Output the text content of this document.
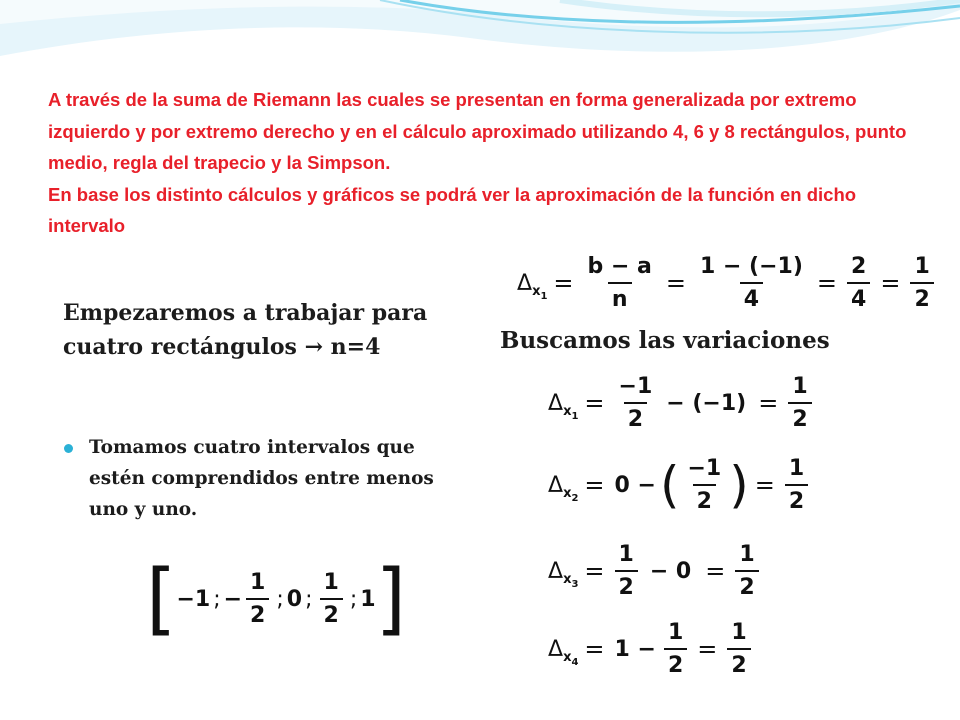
A través de la suma de Riemann las cuales se presentan en forma generalizada por extremo izquierdo y por extremo derecho y en el cálculo aproximado utilizando 4, 6 y 8 rectángulos, punto medio, regla del trapecio y la Simpson.

En base los distinto cálculos y gráficos se podrá ver la aproximación de la función en dicho intervalo

Empezaremos a trabajar para cuatro rectángulos → n=4
Tomamos cuatro intervalos que estén comprendidos entre menos uno y uno.
Buscamos las variaciones
Δ $x_1 = \frac{b - a}{n} = \frac{1 - (-1)}{4} = \frac{2}{4} = \frac{1}{2}$
[ −1 ; − $\frac{1}{2}$ ; 0 ; $\frac{1}{2}$ ; 1 ]
Δ $x_1 = \frac{-1}{2} - (-1) = \frac{1}{2}$
Δ $x_2 = 0$ − ( $\frac{-1}{2}$ ) = $\frac{1}{2}$
Δ $x_3 = \frac{1}{2} - 0 = \frac{1}{2}$
Δ $x_4 = 1 - \frac{1}{2} = \frac{1}{2}$
